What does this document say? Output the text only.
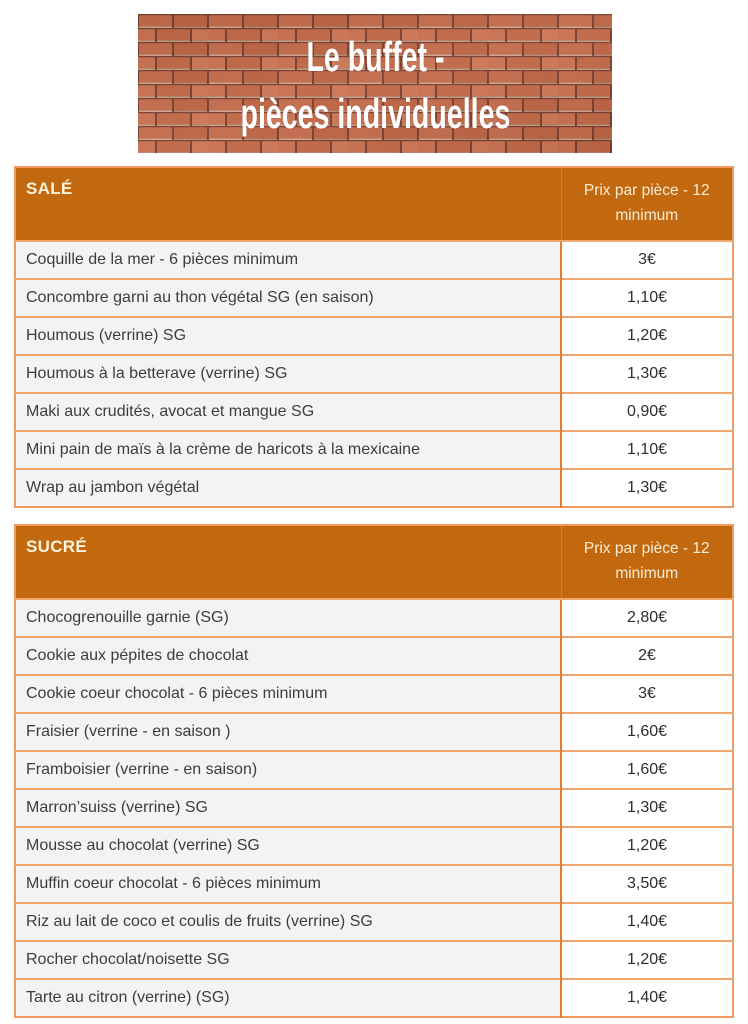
Le buffet -
pièces individuelles
SALÉ	Prix par pièce - 12 minimum
Coquille de la mer - 6 pièces minimum	3€
Concombre garni au thon végétal SG (en saison)	1,10€
Houmous (verrine) SG	1,20€
Houmous à la betterave (verrine) SG	1,30€
Maki aux crudités, avocat et mangue SG	0,90€
Mini pain de maïs à la crème de haricots à la mexicaine	1,10€
Wrap au jambon végétal	1,30€
SUCRÉ	Prix par pièce - 12 minimum
Chocogrenouille garnie (SG)	2,80€
Cookie aux pépites de chocolat	2€
Cookie coeur chocolat - 6 pièces minimum	3€
Fraisier (verrine - en saison )	1,60€
Framboisier (verrine - en saison)	1,60€
Marron’suiss (verrine) SG	1,30€
Mousse au chocolat (verrine) SG	1,20€
Muffin coeur chocolat - 6 pièces minimum	3,50€
Riz au lait de coco et coulis de fruits (verrine) SG	1,40€
Rocher chocolat/noisette SG	1,20€
Tarte au citron (verrine) (SG)	1,40€
